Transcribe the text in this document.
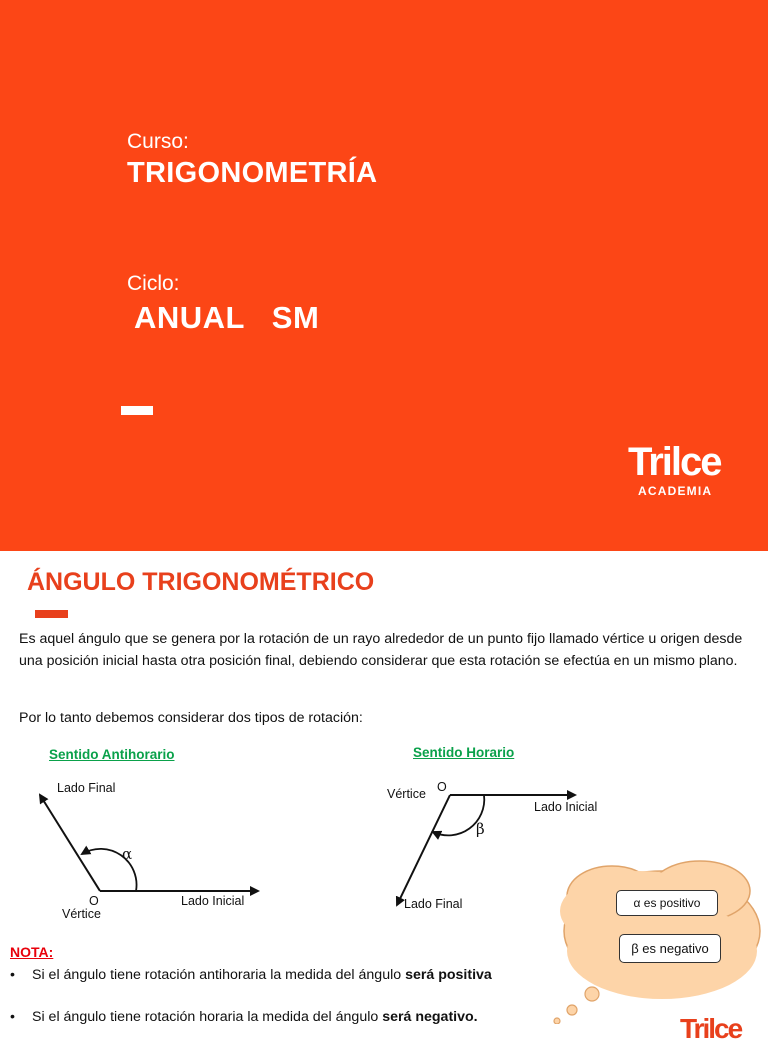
Curso:
TRIGONOMETRÍA
Ciclo:
ANUAL   SM
Trilce
ACADEMIA
ÁNGULO TRIGONOMÉTRICO
Es aquel ángulo que se genera por la rotación de un rayo alrededor de un punto fijo llamado vértice u origen desde una posición inicial hasta otra posición final, debiendo considerar que esta rotación se efectúa en un mismo plano.
Por lo tanto debemos considerar dos tipos de rotación:
Sentido Antihorario
Lado Final
α
O
Vértice
Lado Inicial
Sentido Horario
O
Vértice
Lado Inicial
β
Lado Final	α es positivo
β es negativo
NOTA:
• Si el ángulo tiene rotación antihoraria la medida del ángulo será positiva
• Si el ángulo tiene rotación horaria la medida del ángulo será negativo.	Trilce
